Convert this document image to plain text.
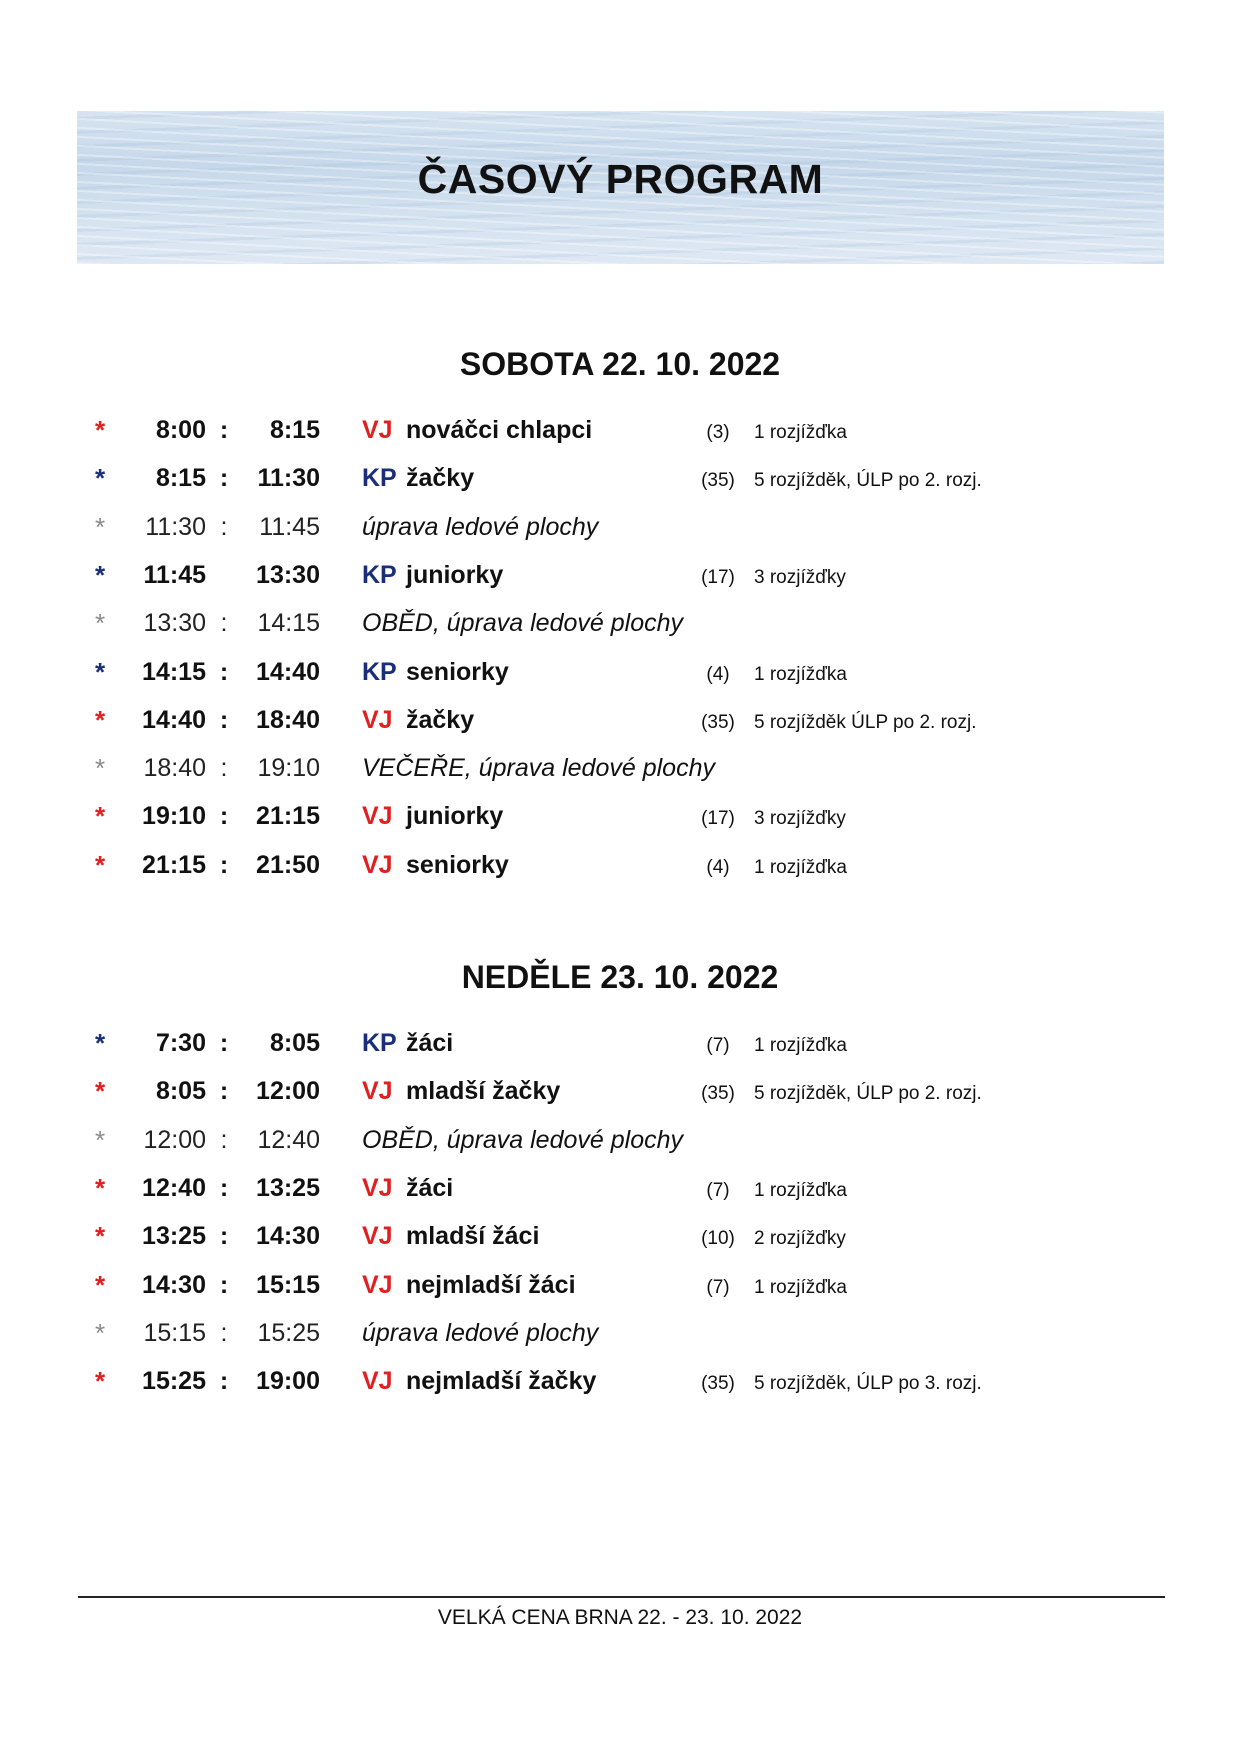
ČASOVÝ PROGRAM
SOBOTA 22. 10. 2022
*	8:00 :	8:15 VJ nováčci chlapci	(3)	1 rozjížďka
*	8:15 :	11:30 KP žačky	(35)	5 rozjížděk, ÚLP po 2. rozj.
*	11:30 :	11:45 úprava ledové plochy
*	11:45	13:30 KP juniorky	(17)	3 rozjížďky
*	13:30 :	14:15 OBĚD, úprava ledové plochy
*	14:15 :	14:40 KP seniorky	(4)	1 rozjížďka
*	14:40 :	18:40 VJ žačky	(35)	5 rozjížděk ÚLP po 2. rozj.
*	18:40 :	19:10 VEČEŘE, úprava ledové plochy
*	19:10 :	21:15 VJ juniorky	(17)	3 rozjížďky
*	21:15 :	21:50 VJ seniorky	(4)	1 rozjížďka
NEDĚLE 23. 10. 2022
*	7:30 :	8:05 KP žáci	(7)	1 rozjížďka
*	8:05 :	12:00 VJ mladší žačky	(35)	5 rozjížděk, ÚLP po 2. rozj.
*	12:00 :	12:40 OBĚD, úprava ledové plochy
*	12:40 :	13:25 VJ žáci	(7)	1 rozjížďka
*	13:25 :	14:30 VJ mladší žáci	(10)	2 rozjížďky
*	14:30 :	15:15 VJ nejmladší žáci	(7)	1 rozjížďka
*	15:15 :	15:25 úprava ledové plochy
*	15:25 :	19:00 VJ nejmladší žačky	(35)	5 rozjížděk, ÚLP po 3. rozj.
VELKÁ CENA BRNA 22. - 23. 10. 2022
